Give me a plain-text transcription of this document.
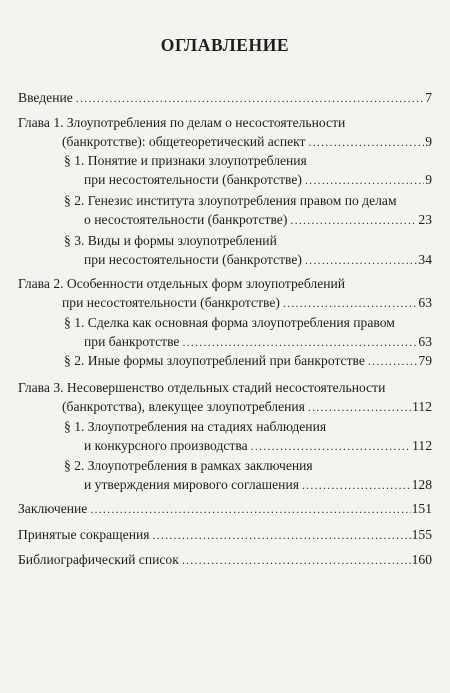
ОГЛАВЛЕНИЕ
Введение .....	7
Глава 1. Злоупотребления по делам о несостоятельности
(банкротстве): общетеоретический аспект .....	9
§ 1. Понятие и признаки злоупотребления
при несостоятельности (банкротстве) .....	9
§ 2. Генезис института злоупотребления правом по делам
о несостоятельности (банкротстве) .....	23
§ 3. Виды и формы злоупотреблений
при несостоятельности (банкротстве) .....	34
Глава 2. Особенности отдельных форм злоупотреблений
при несостоятельности (банкротстве) .....	63
§ 1. Сделка как основная форма злоупотребления правом
при банкротстве .....	63
§ 2. Иные формы злоупотреблений при банкротстве .....	79
Глава 3. Несовершенство отдельных стадий несостоятельности
(банкротства), влекущее злоупотребления .....	112
§ 1. Злоупотребления на стадиях наблюдения
и конкурсного производства .....	112
§ 2. Злоупотребления в рамках заключения
и утверждения мирового соглашения .....	128
Заключение .....	151
Принятые сокращения .....	155
Библиографический список .....	160
